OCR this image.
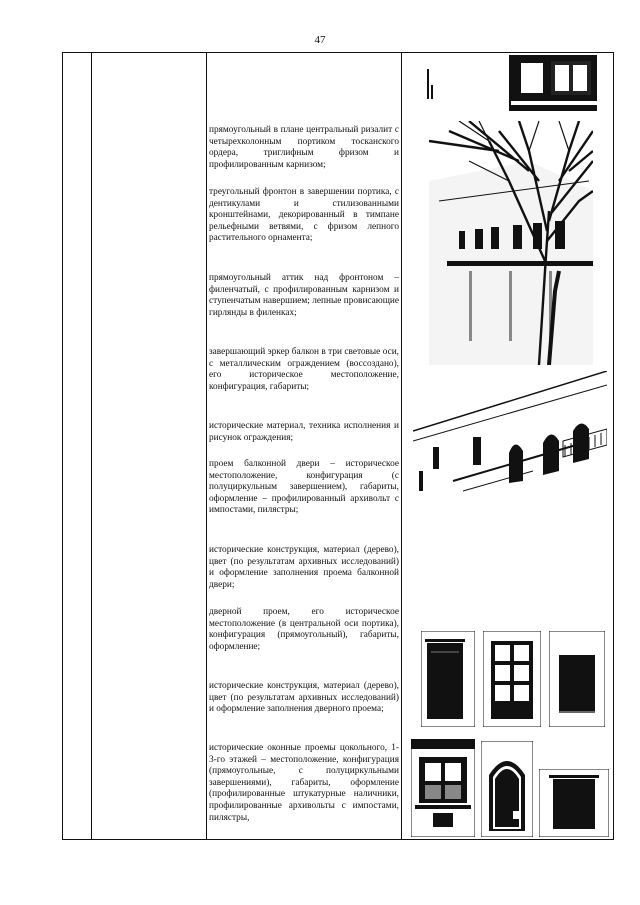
47

прямоугольный в плане центральный ризалит с четырехколонным портиком тосканского ордера, триглифным фризом и профилированным карнизом;

треугольный фронтон в завершении портика, с дентикулами и стилизованными кронштейнами, декорированный в тимпане рельефными ветвями, с фризом лепного растительного орнамента;

прямоугольный аттик над фронтоном – филенчатый, с профилированным карнизом и ступенчатым навершием; лепные провисающие гирлянды в филенках;

завершающий эркер балкон в три световые оси, с металлическим ограждением (воссоздано), его историческое местоположение, конфигурация, габариты;

исторические материал, техника исполнения и рисунок ограждения;

проем балконной двери – историческое местоположение, конфигурация (с полуциркульным завершением), габариты, оформление – профилированный архивольт с импостами, пилястры;

исторические конструкция, материал (дерево), цвет (по результатам архивных исследований) и оформление заполнения проема балконной двери;

дверной проем, его историческое местоположение (в центральной оси портика), конфигурация (прямоугольный), габариты, оформление;

исторические конструкция, материал (дерево), цвет (по результатам архивных исследований) и оформление заполнения дверного проема;

исторические оконные проемы цокольного, 1-3-го этажей – местоположение, конфигурация (прямоугольные, с полуциркульными завершениями), габариты, оформление (профилированные штукатурные наличники, профилированные архивольты с импостами, пилястры,
